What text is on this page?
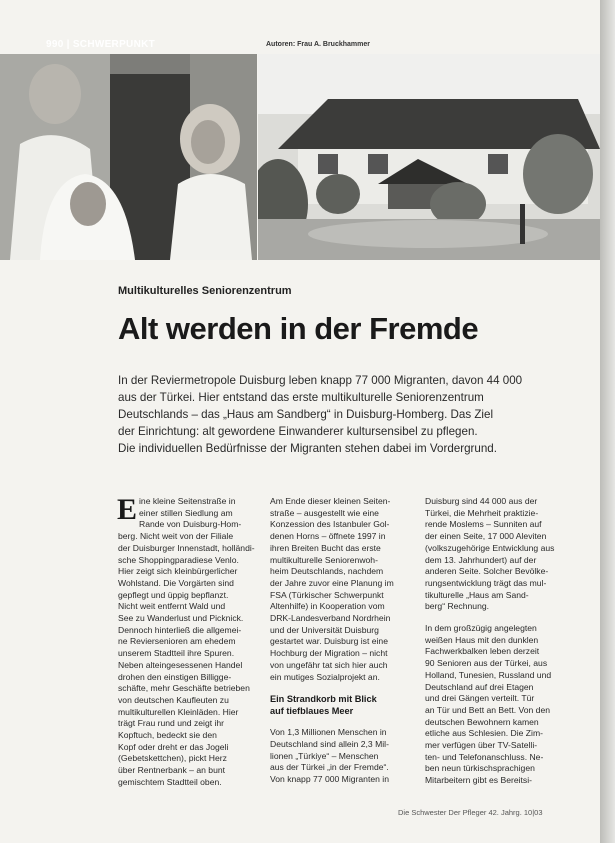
990 | SCHWERPUNKT	Autoren: Frau A. Bruckhammer
Multikulturelles Seniorenzentrum
Alt werden in der Fremde
In der Reviermetropole Duisburg leben knapp 77 000 Migranten, davon 44 000
aus der Türkei. Hier entstand das erste multikulturelle Seniorenzentrum
Deutschlands – das „Haus am Sandberg“ in Duisburg-Homberg. Das Ziel
der Einrichtung: alt gewordene Einwanderer kultursensibel zu pflegen.
Die individuellen Bedürfnisse der Migranten stehen dabei im Vordergrund.
E ine kleine Seitenstraße in
einer stillen Siedlung am
Rande von Duisburg-Hom-
berg. Nicht weit von der Filiale
der Duisburger Innenstadt, holländi-
sche Shoppingparadiese Venlo.
Hier zeigt sich kleinbürgerlicher
Wohlstand. Die Vorgärten sind
gepflegt und üppig bepflanzt.
Nicht weit entfernt Wald und
See zu Wanderlust und Picknick.
Dennoch hinterließ die allgemei-
ne Reviersenioren am ehedem
unserem Stadtteil ihre Spuren.
Neben alteingesessenen Handel
drohen den einstigen Billigge-
schäfte, mehr Geschäfte betrieben
von deutschen Kaufleuten zu
multikulturellen Kleinläden. Hier
trägt Frau rund und zeigt ihr
Kopftuch, bedeckt sie den
Kopf oder dreht er das Jogeli
(Gebetskettchen), pickt Herz
über Rentnerbank – an bunt
gemischtem Stadtteil oben.
Am Ende dieser kleinen Seiten-
straße – ausgestellt wie eine
Konzession des Istanbuler Gol-
denen Horns – öffnete 1997 in
ihren Breiten Bucht das erste
multikulturelle Seniorenwoh-
heim Deutschlands, nachdem
der Jahre zuvor eine Planung im
FSA (Türkischer Schwerpunkt
Altenhilfe) in Kooperation vom
DRK-Landesverband Nordrhein
und der Universität Duisburg
gestartet war. Duisburg ist eine
Hochburg der Migration – nicht
von ungefähr tat sich hier auch
ein mutiges Sozialprojekt an.
Ein Strandkorb mit Blick
auf tiefblaues Meer
Von 1,3 Millionen Menschen in
Deutschland sind allein 2,3 Mil-
lionen „Türkiye“ – Menschen
aus der Türkei „in der Fremde“.
Von knapp 77 000 Migranten in
Duisburg sind 44 000 aus der
Türkei, die Mehrheit praktizie-
rende Moslems – Sunniten auf
der einen Seite, 17 000 Aleviten
(volkszugehörige Entwicklung aus
dem 13. Jahrhundert) auf der
anderen Seite. Solcher Bevölke-
rungsentwicklung trägt das mul-
tikulturelle „Haus am Sand-
berg“ Rechnung.
In dem großzügig angelegten
weißen Haus mit den dunklen
Fachwerkbalken leben derzeit
90 Senioren aus der Türkei, aus
Holland, Tunesien, Russland und
Deutschland auf drei Etagen
und drei Gängen verteilt. Tür
an Tür und Bett an Bett. Von den
deutschen Bewohnern kamen
etliche aus Schlesien. Die Zim-
mer verfügen über TV-Satelli-
ten- und Telefonanschluss. Ne-
ben neun türkischsprachigen
Mitarbeitern gibt es Bereitsi-
Die Schwester Der Pfleger 42. Jahrg. 10|03
